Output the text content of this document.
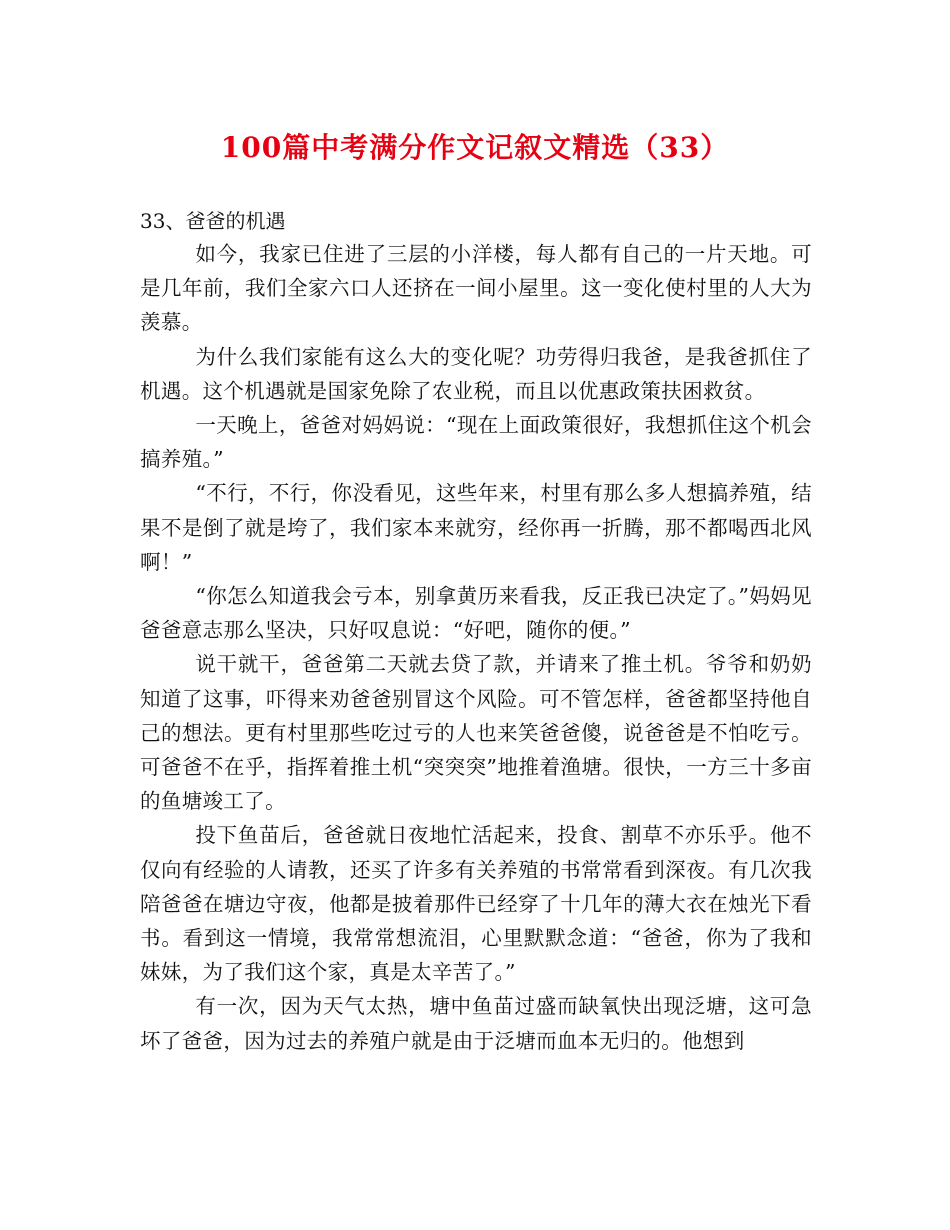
100篇中考满分作文记叙文精选（33）

33、爸爸的机遇

如今，我家已住进了三层的小洋楼，每人都有自己的一片天地。可是几年前，我们全家六口人还挤在一间小屋里。这一变化使村里的人大为羡慕。

为什么我们家能有这么大的变化呢？功劳得归我爸，是我爸抓住了机遇。这个机遇就是国家免除了农业税，而且以优惠政策扶困救贫。

一天晚上，爸爸对妈妈说：“现在上面政策很好，我想抓住这个机会搞养殖。”

“不行，不行，你没看见，这些年来，村里有那么多人想搞养殖，结果不是倒了就是垮了，我们家本来就穷，经你再一折腾，那不都喝西北风啊！”

“你怎么知道我会亏本，别拿黄历来看我，反正我已决定了。”妈妈见爸爸意志那么坚决，只好叹息说：“好吧，随你的便。”

说干就干，爸爸第二天就去贷了款，并请来了推土机。爷爷和奶奶知道了这事，吓得来劝爸爸别冒这个风险。可不管怎样，爸爸都坚持他自己的想法。更有村里那些吃过亏的人也来笑爸爸傻，说爸爸是不怕吃亏。可爸爸不在乎，指挥着推土机“突突突”地推着渔塘。很快，一方三十多亩的鱼塘竣工了。

投下鱼苗后，爸爸就日夜地忙活起来，投食、割草不亦乐乎。他不仅向有经验的人请教，还买了许多有关养殖的书常常看到深夜。有几次我陪爸爸在塘边守夜，他都是披着那件已经穿了十几年的薄大衣在烛光下看书。看到这一情境，我常常想流泪，心里默默念道：“爸爸，你为了我和妹妹，为了我们这个家，真是太辛苦了。”

有一次，因为天气太热，塘中鱼苗过盛而缺氧快出现泛塘，这可急坏了爸爸，因为过去的养殖户就是由于泛塘而血本无归的。他想到
